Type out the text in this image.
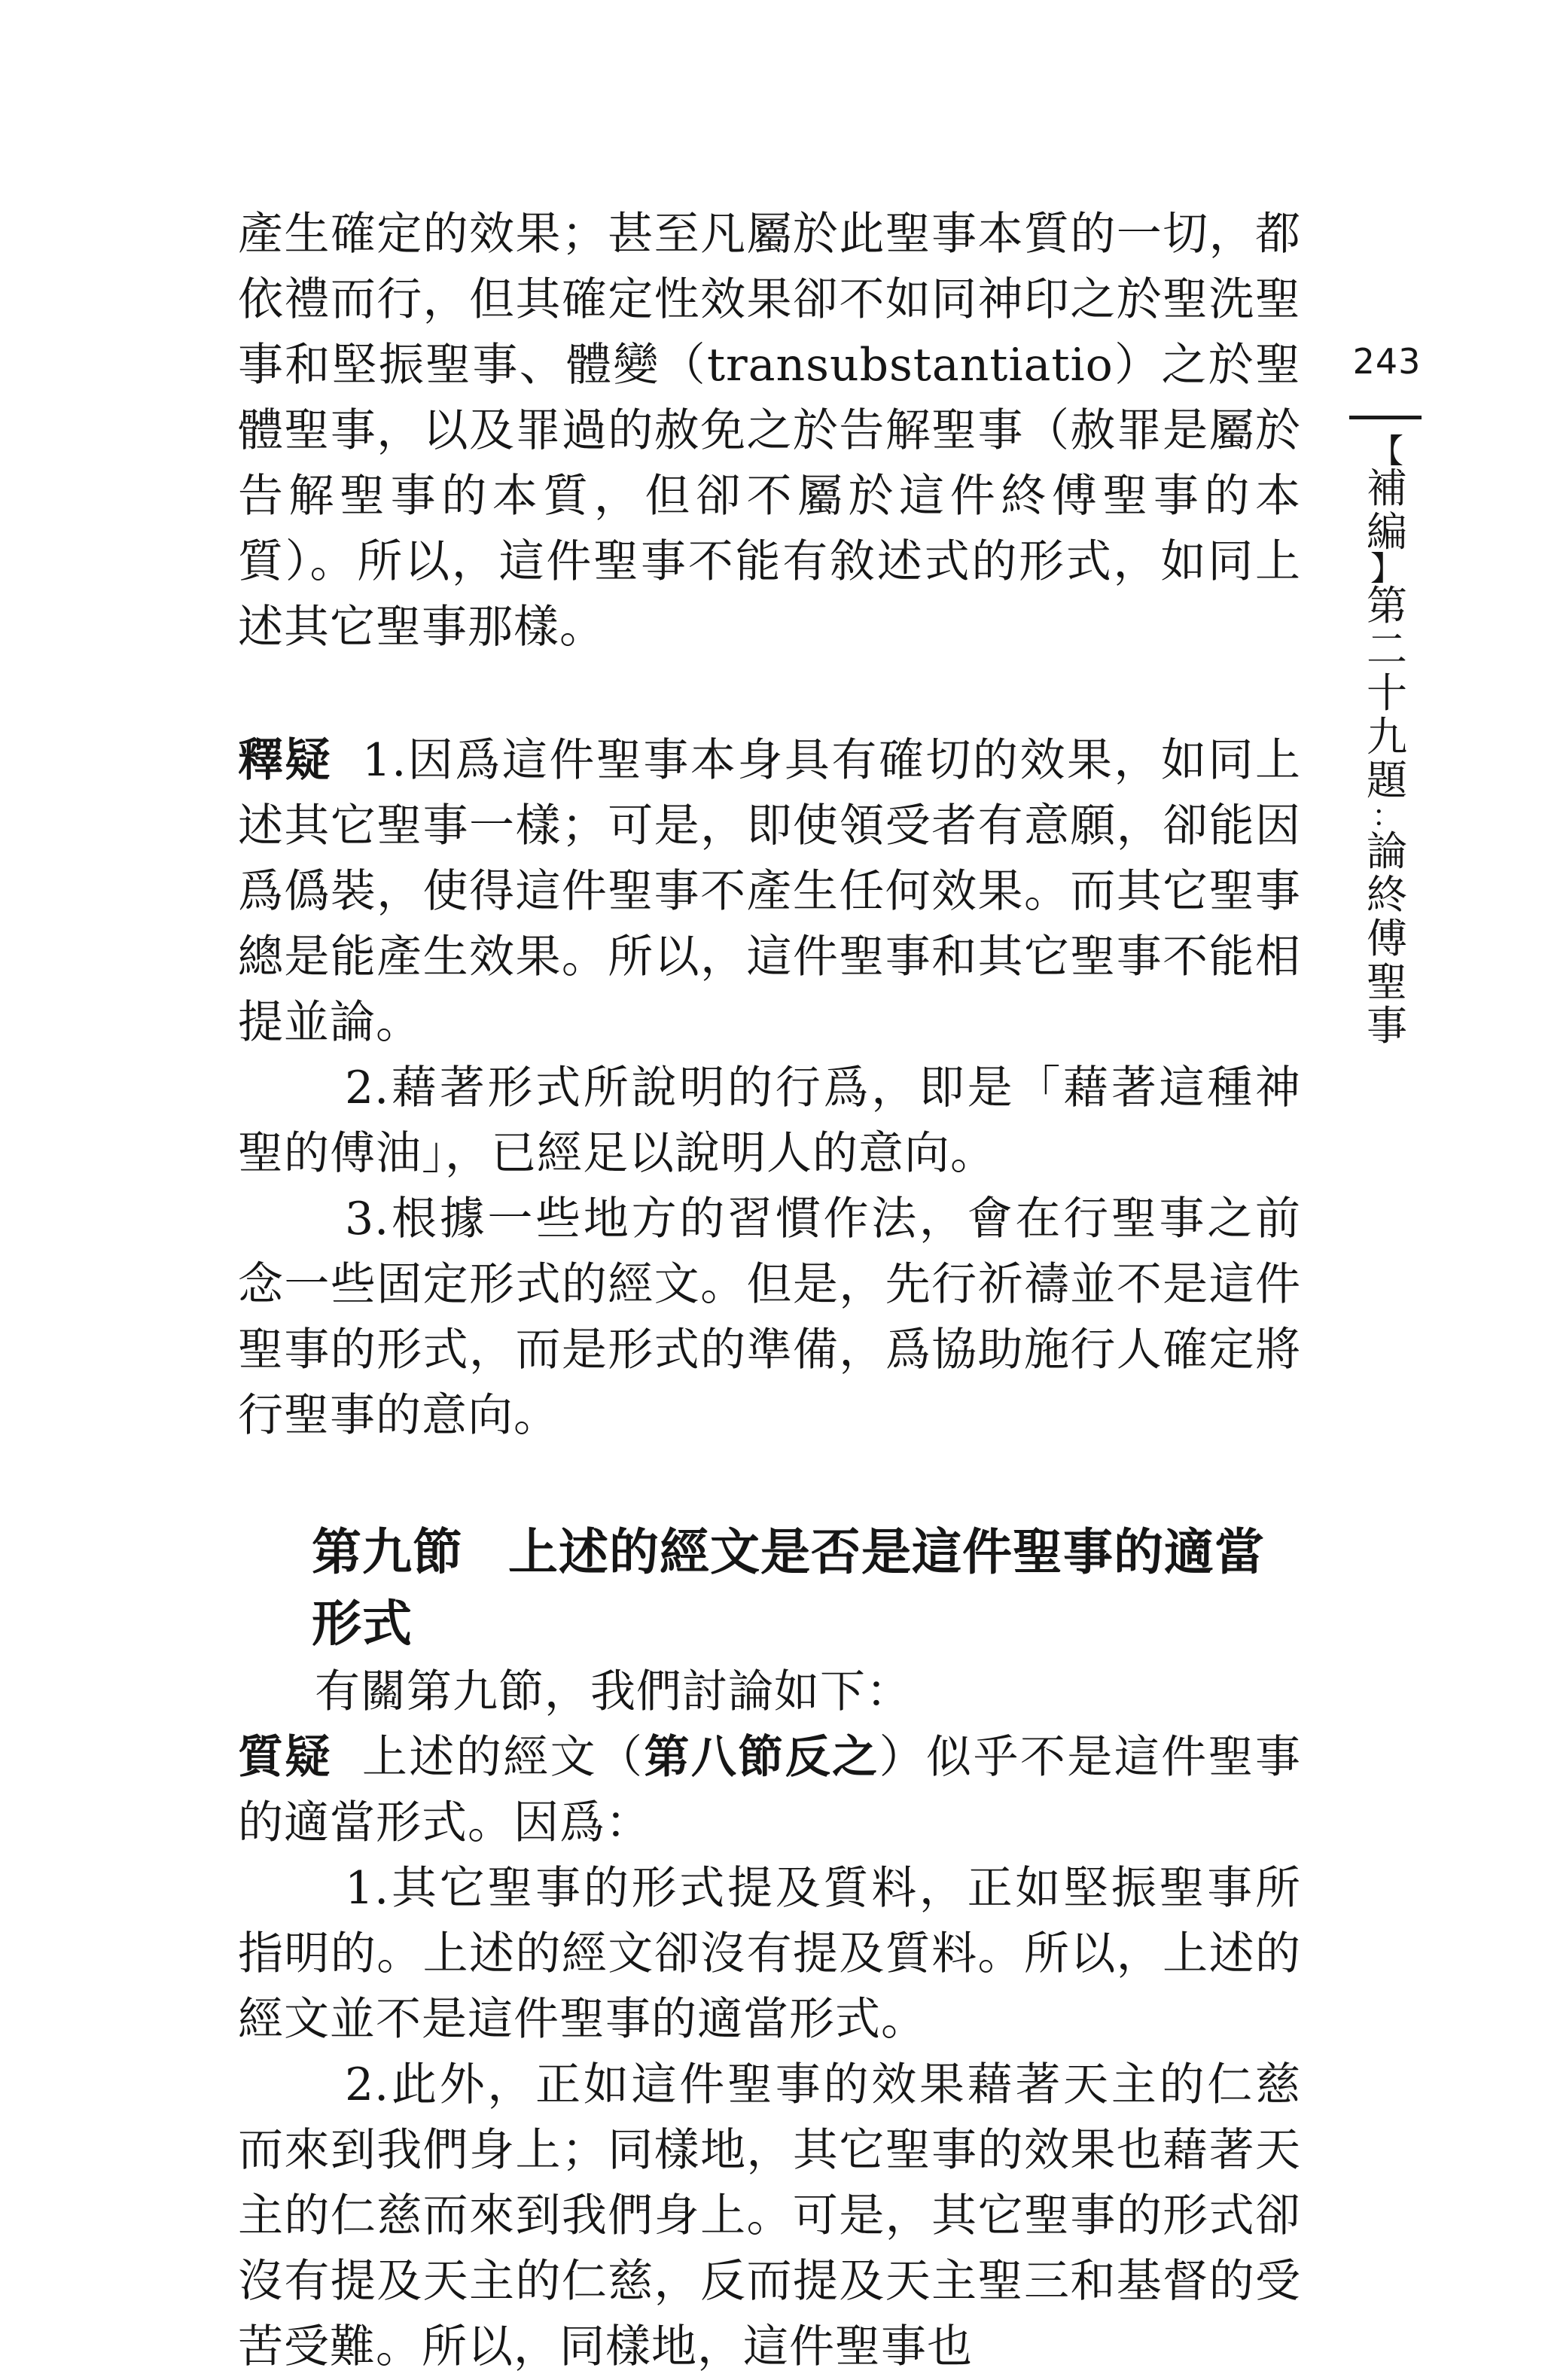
產生確定的效果；甚至凡屬於此聖事本質的一切，都依禮而行，但其確定性效果卻不如同神印之於聖洗聖事和堅振聖事、體變（transubstantiatio）之於聖體聖事，以及罪過的赦免之於告解聖事（赦罪是屬於告解聖事的本質，但卻不屬於這件終傅聖事的本質）。所以，這件聖事不能有敘述式的形式，如同上述其它聖事那樣。

釋疑 1.因爲這件聖事本身具有確切的效果，如同上述其它聖事一樣；可是，即使領受者有意願，卻能因爲僞裝，使得這件聖事不產生任何效果。而其它聖事總是能產生效果。所以，這件聖事和其它聖事不能相提並論。

2.藉著形式所說明的行爲，即是「藉著這種神聖的傅油」，已經足以說明人的意向。

3.根據一些地方的習慣作法，會在行聖事之前念一些固定形式的經文。但是，先行祈禱並不是這件聖事的形式，而是形式的準備，爲協助施行人確定將行聖事的意向。

第九節 上述的經文是否是這件聖事的適當形式

有關第九節，我們討論如下：

質疑 上述的經文（第八節反之）似乎不是這件聖事的適當形式。因爲：

1.其它聖事的形式提及質料，正如堅振聖事所指明的。上述的經文卻沒有提及質料。所以，上述的經文並不是這件聖事的適當形式。

2.此外，正如這件聖事的效果藉著天主的仁慈而來到我們身上；同樣地，其它聖事的效果也藉著天主的仁慈而來到我們身上。可是，其它聖事的形式卻沒有提及天主的仁慈，反而提及天主聖三和基督的受苦受難。所以，同樣地，這件聖事也

243
【
補
編
】
第
二
十
九
題
：
論
終
傅
聖
事
